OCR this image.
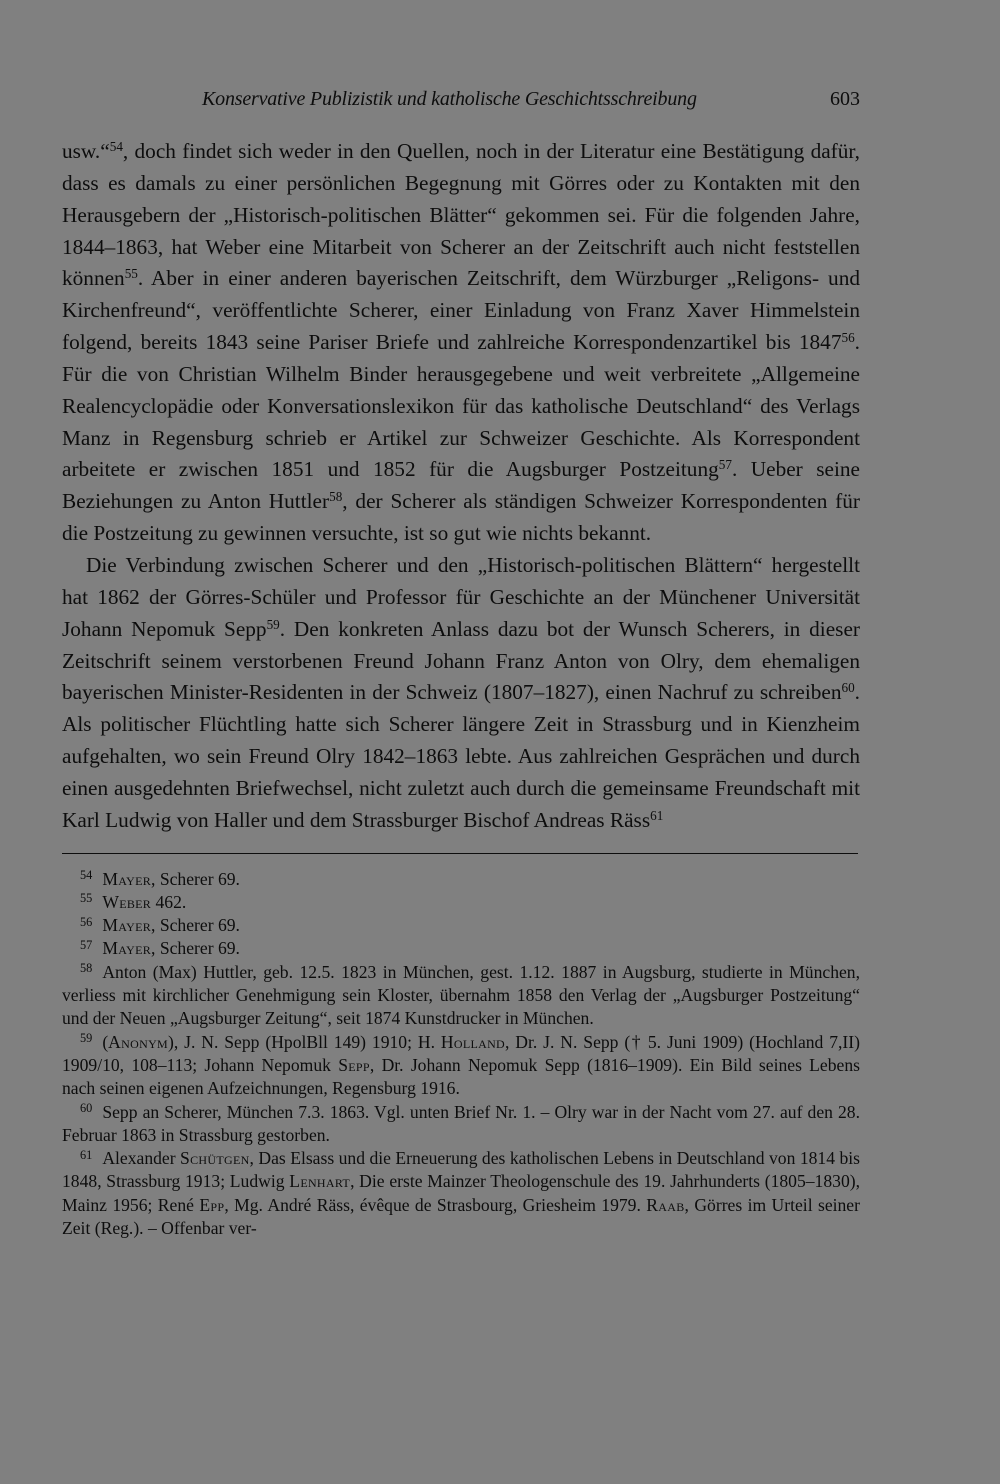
Konservative Publizistik und katholische Geschichtsschreibung	603

usw.“$^{54}$, doch findet sich weder in den Quellen, noch in der Literatur eine Bestätigung dafür, dass es damals zu einer persönlichen Begegnung mit Görres oder zu Kontakten mit den Herausgebern der „Historisch-politischen Blätter“ gekommen sei. Für die folgenden Jahre, 1844–1863, hat Weber eine Mitarbeit von Scherer an der Zeitschrift auch nicht feststellen können$^{55}$. Aber in einer anderen bayerischen Zeitschrift, dem Würzburger „Religons- und Kirchenfreund“, veröffentlichte Scherer, einer Einladung von Franz Xaver Himmelstein folgend, bereits 1843 seine Pariser Briefe und zahlreiche Korrespondenzartikel bis 1847$^{56}$. Für die von Christian Wilhelm Binder herausgegebene und weit verbreitete „Allgemeine Realencyclopädie oder Konversationslexikon für das katholische Deutschland“ des Verlags Manz in Regensburg schrieb er Artikel zur Schweizer Geschichte. Als Korrespondent arbeitete er zwischen 1851 und 1852 für die Augsburger Postzeitung$^{57}$. Ueber seine Beziehungen zu Anton Huttler$^{58}$, der Scherer als ständigen Schweizer Korrespondenten für die Postzeitung zu gewinnen versuchte, ist so gut wie nichts bekannt.

Die Verbindung zwischen Scherer und den „Historisch-politischen Blättern“ hergestellt hat 1862 der Görres-Schüler und Professor für Geschichte an der Münchener Universität Johann Nepomuk Sepp$^{59}$. Den konkreten Anlass dazu bot der Wunsch Scherers, in dieser Zeitschrift seinem verstorbenen Freund Johann Franz Anton von Olry, dem ehemaligen bayerischen Minister-Residenten in der Schweiz (1807–1827), einen Nachruf zu schreiben$^{60}$. Als politischer Flüchtling hatte sich Scherer längere Zeit in Strassburg und in Kienzheim aufgehalten, wo sein Freund Olry 1842–1863 lebte. Aus zahlreichen Gesprächen und durch einen ausgedehnten Briefwechsel, nicht zuletzt auch durch die gemeinsame Freundschaft mit Karl Ludwig von Haller und dem Strassburger Bischof Andreas Räss$^{61}$

$^{54}$ Mayer, Scherer 69.

$^{55}$ Weber 462.

$^{56}$ Mayer, Scherer 69.

$^{57}$ Mayer, Scherer 69.

$^{58}$ Anton (Max) Huttler, geb. 12.5. 1823 in München, gest. 1.12. 1887 in Augsburg, studierte in München, verliess mit kirchlicher Genehmigung sein Kloster, übernahm 1858 den Verlag der „Augsburger Postzeitung“ und der Neuen „Augsburger Zeitung“, seit 1874 Kunstdrucker in München.

$^{59}$ (Anonym), J. N. Sepp (HpolBll 149) 1910; H. Holland, Dr. J. N. Sepp († 5. Juni 1909) (Hochland 7,II) 1909/10, 108–113; Johann Nepomuk Sepp, Dr. Johann Nepomuk Sepp (1816–1909). Ein Bild seines Lebens nach seinen eigenen Aufzeichnungen, Regensburg 1916.

$^{60}$ Sepp an Scherer, München 7.3. 1863. Vgl. unten Brief Nr. 1. – Olry war in der Nacht vom 27. auf den 28. Februar 1863 in Strassburg gestorben.

$^{61}$ Alexander Schütgen, Das Elsass und die Erneuerung des katholischen Lebens in Deutschland von 1814 bis 1848, Strassburg 1913; Ludwig Lenhart, Die erste Mainzer Theologenschule des 19. Jahrhunderts (1805–1830), Mainz 1956; René Epp, Mg. André Räss, évêque de Strasbourg, Griesheim 1979. Raab, Görres im Urteil seiner Zeit (Reg.). – Offenbar ver-
